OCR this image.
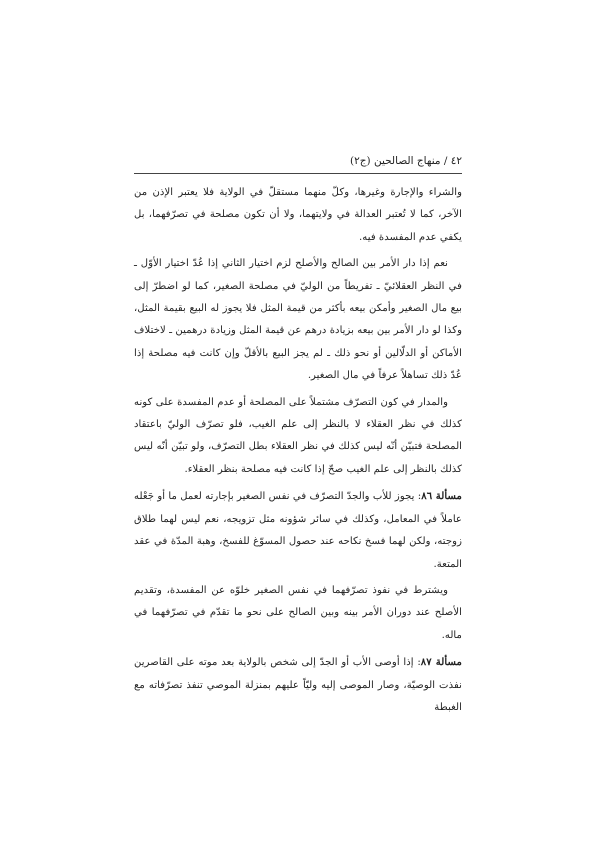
٤٢ / منهاج الصالحين (ج٢)

والشراء والإجارة وغيرها، وكلّ منهما مستقلّ في الولاية فلا يعتبر الإذن من الآخر، كما لا تُعتبر العدالة في ولايتهما، ولا أن تكون مصلحة في تصرّفهما، بل يكفي عدم المفسدة فيه.

نعم إذا دار الأمر بين الصالح والأصلح لزم اختيار الثاني إذا عُدّ اختيار الأوّل ـ في النظر العقلائيّ ـ تفريطاً من الوليّ في مصلحة الصغير، كما لو اضطرّ إلى بيع مال الصغير وأمكن بيعه بأكثر من قيمة المثل فلا يجوز له البيع بقيمة المثل، وكذا لو دار الأمر بين بيعه بزيادة درهم عن قيمة المثل وزيادة درهمين ـ لاختلاف الأماكن أو الدلّالين أو نحو ذلك ـ لم يجز البيع بالأقلّ وإن كانت فيه مصلحة إذا عُدّ ذلك تساهلاً عرفاً في مال الصغير.

والمدار في كون التصرّف مشتملاً على المصلحة أو عدم المفسدة على كونه كذلك في نظر العقلاء لا بالنظر إلى علم الغيب، فلو تصرّف الوليّ باعتقاد المصلحة فتبيّن أنّه ليس كذلك في نظر العقلاء بطل التصرّف، ولو تبيّن أنّه ليس كذلك بالنظر إلى علم الغيب صحّ إذا كانت فيه مصلحة بنظر العقلاء.

مسألة ٨٦: يجوز للأب والجدّ التصرّف في نفس الصغير بإجارته لعمل ما أو جَعْله عاملاً في المعامل، وكذلك في سائر شؤونه مثل تزويجه، نعم ليس لهما طلاق زوجته، ولكن لهما فسخ نكاحه عند حصول المسوّغ للفسخ، وهبة المدّة في عقد المتعة.

ويشترط في نفوذ تصرّفهما في نفس الصغير خلوّه عن المفسدة، وتقديم الأصلح عند دوران الأمر بينه وبين الصالح على نحو ما تقدّم في تصرّفهما في ماله.

مسألة ٨٧: إذا أوصى الأب أو الجدّ إلى شخص بالولاية بعد موته على القاصرين نفذت الوصيّة، وصار الموصى إليه وليّاً عليهم بمنزلة الموصي تنفذ تصرّفاته مع الغبطة
